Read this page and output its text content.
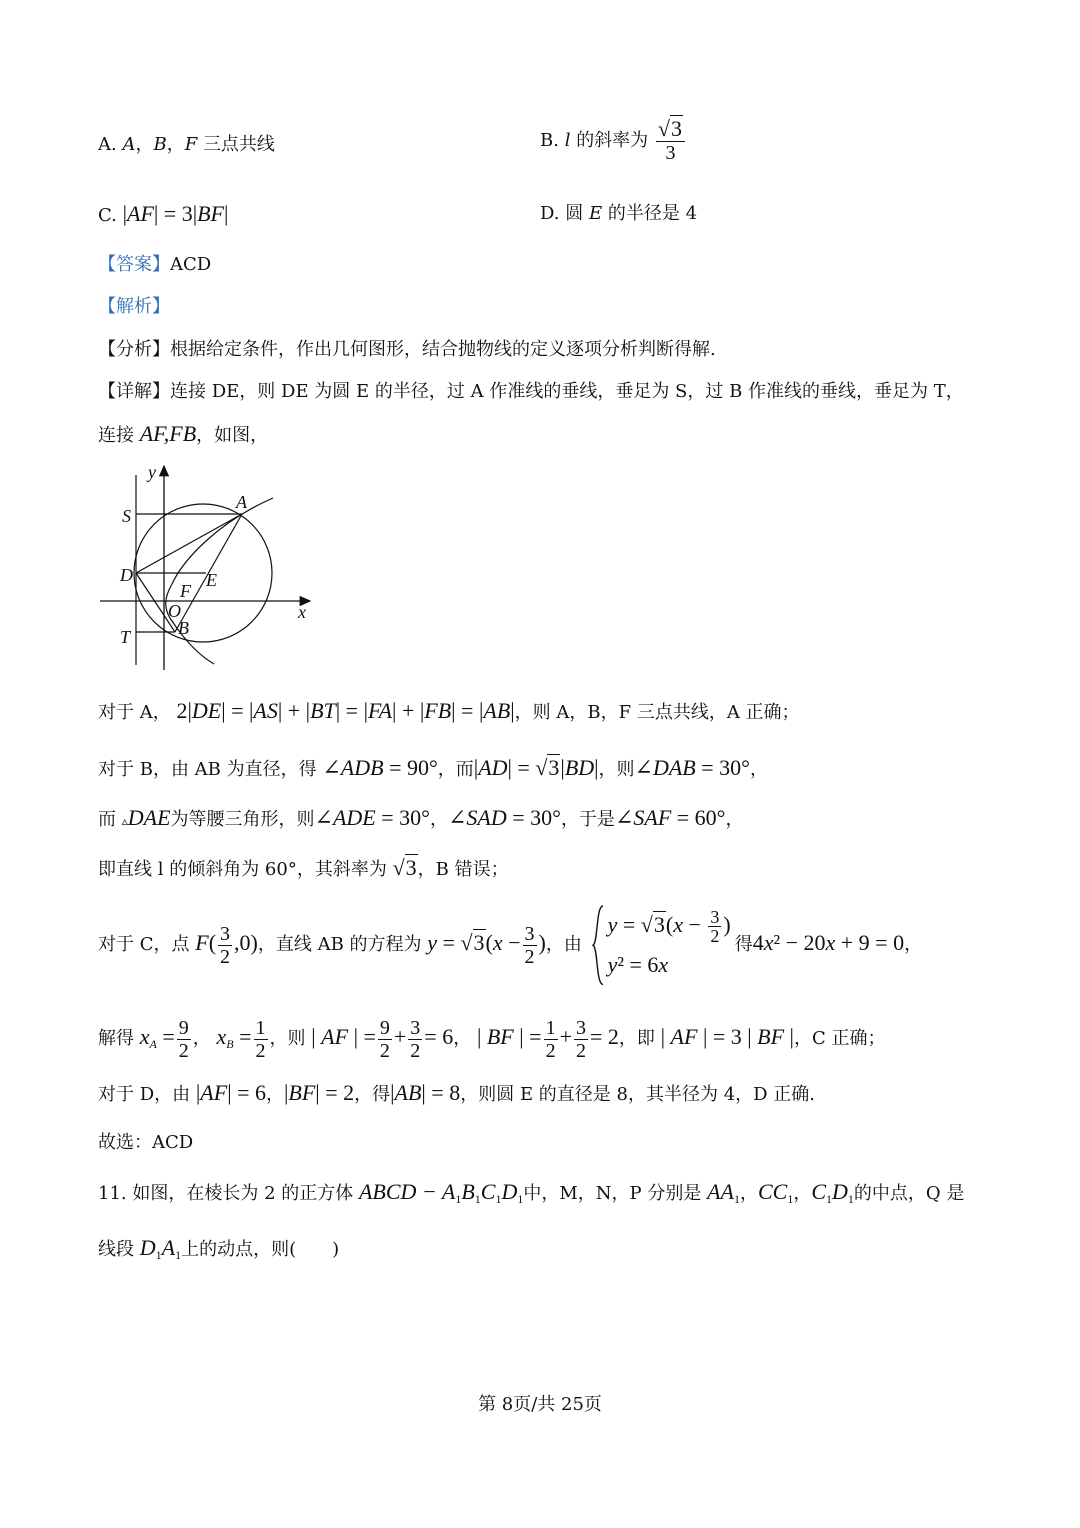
A. A，B，F 三点共线	B. l 的斜率为 $\frac{√3}{3}$
C. |AF| = 3|BF|	D. 圆 E 的半径是 4
【答案】ACD
【解析】
【分析】根据给定条件，作出几何图形，结合抛物线的定义逐项分析判断得解.
【详解】连接 DE，则 DE 为圆 E 的半径，过 A 作准线的垂线，垂足为 S，过 B 作准线的垂线，垂足为 T，
连接 AF,FB，如图，
y
x
S
A
D	E
F
O
B
T
对于 A， 2|DE| = |AS| + |BT| = |FA| + |FB| = |AB|，则 A，B，F 三点共线，A 正确；
对于 B，由 AB 为直径，得 ∠ADB = 90°，而|AD| = √3|BD|，则∠DAB = 30°，
而 ▵DAE为等腰三角形，则∠ADE = 30°，∠SAD = 30°，于是∠SAF = 60°，
即直线 l 的倾斜角为 60°，其斜率为 √3，B 错误；
对于 C，点 $F( \frac{3}{2} ,0)$，直线 AB 的方程为 $y = √3(x - \frac{3}{2}$ )，由
$y = √3(x - \frac{3}{2}$ )
y² = 6x
得4x² − 20x + 9 = 0，
解得 $x_A = \frac{9}{2}$ ， $x_B = \frac{1}{2}$ ，则 | AF | = $\frac{9}{2} + \frac{3}{2} = 6$， | BF | = $\frac{1}{2} + \frac{3}{2} = 2$，即 | AF | = 3 | BF |，C 正确；
对于 D，由 |AF| = 6，|BF| = 2，得|AB| = 8，则圆 E 的直径是 8，其半径为 4，D 正确.
故选：ACD
11. 如图，在棱长为 2 的正方体 ABCD − $A_1B_1C_1D_1$中，M，N，P 分别是 $AA_1$，$CC_1$，$C_1D_1$的中点，Q 是
线段 $D_1A_1$上的动点，则(　　)
第 8页/共 25页
